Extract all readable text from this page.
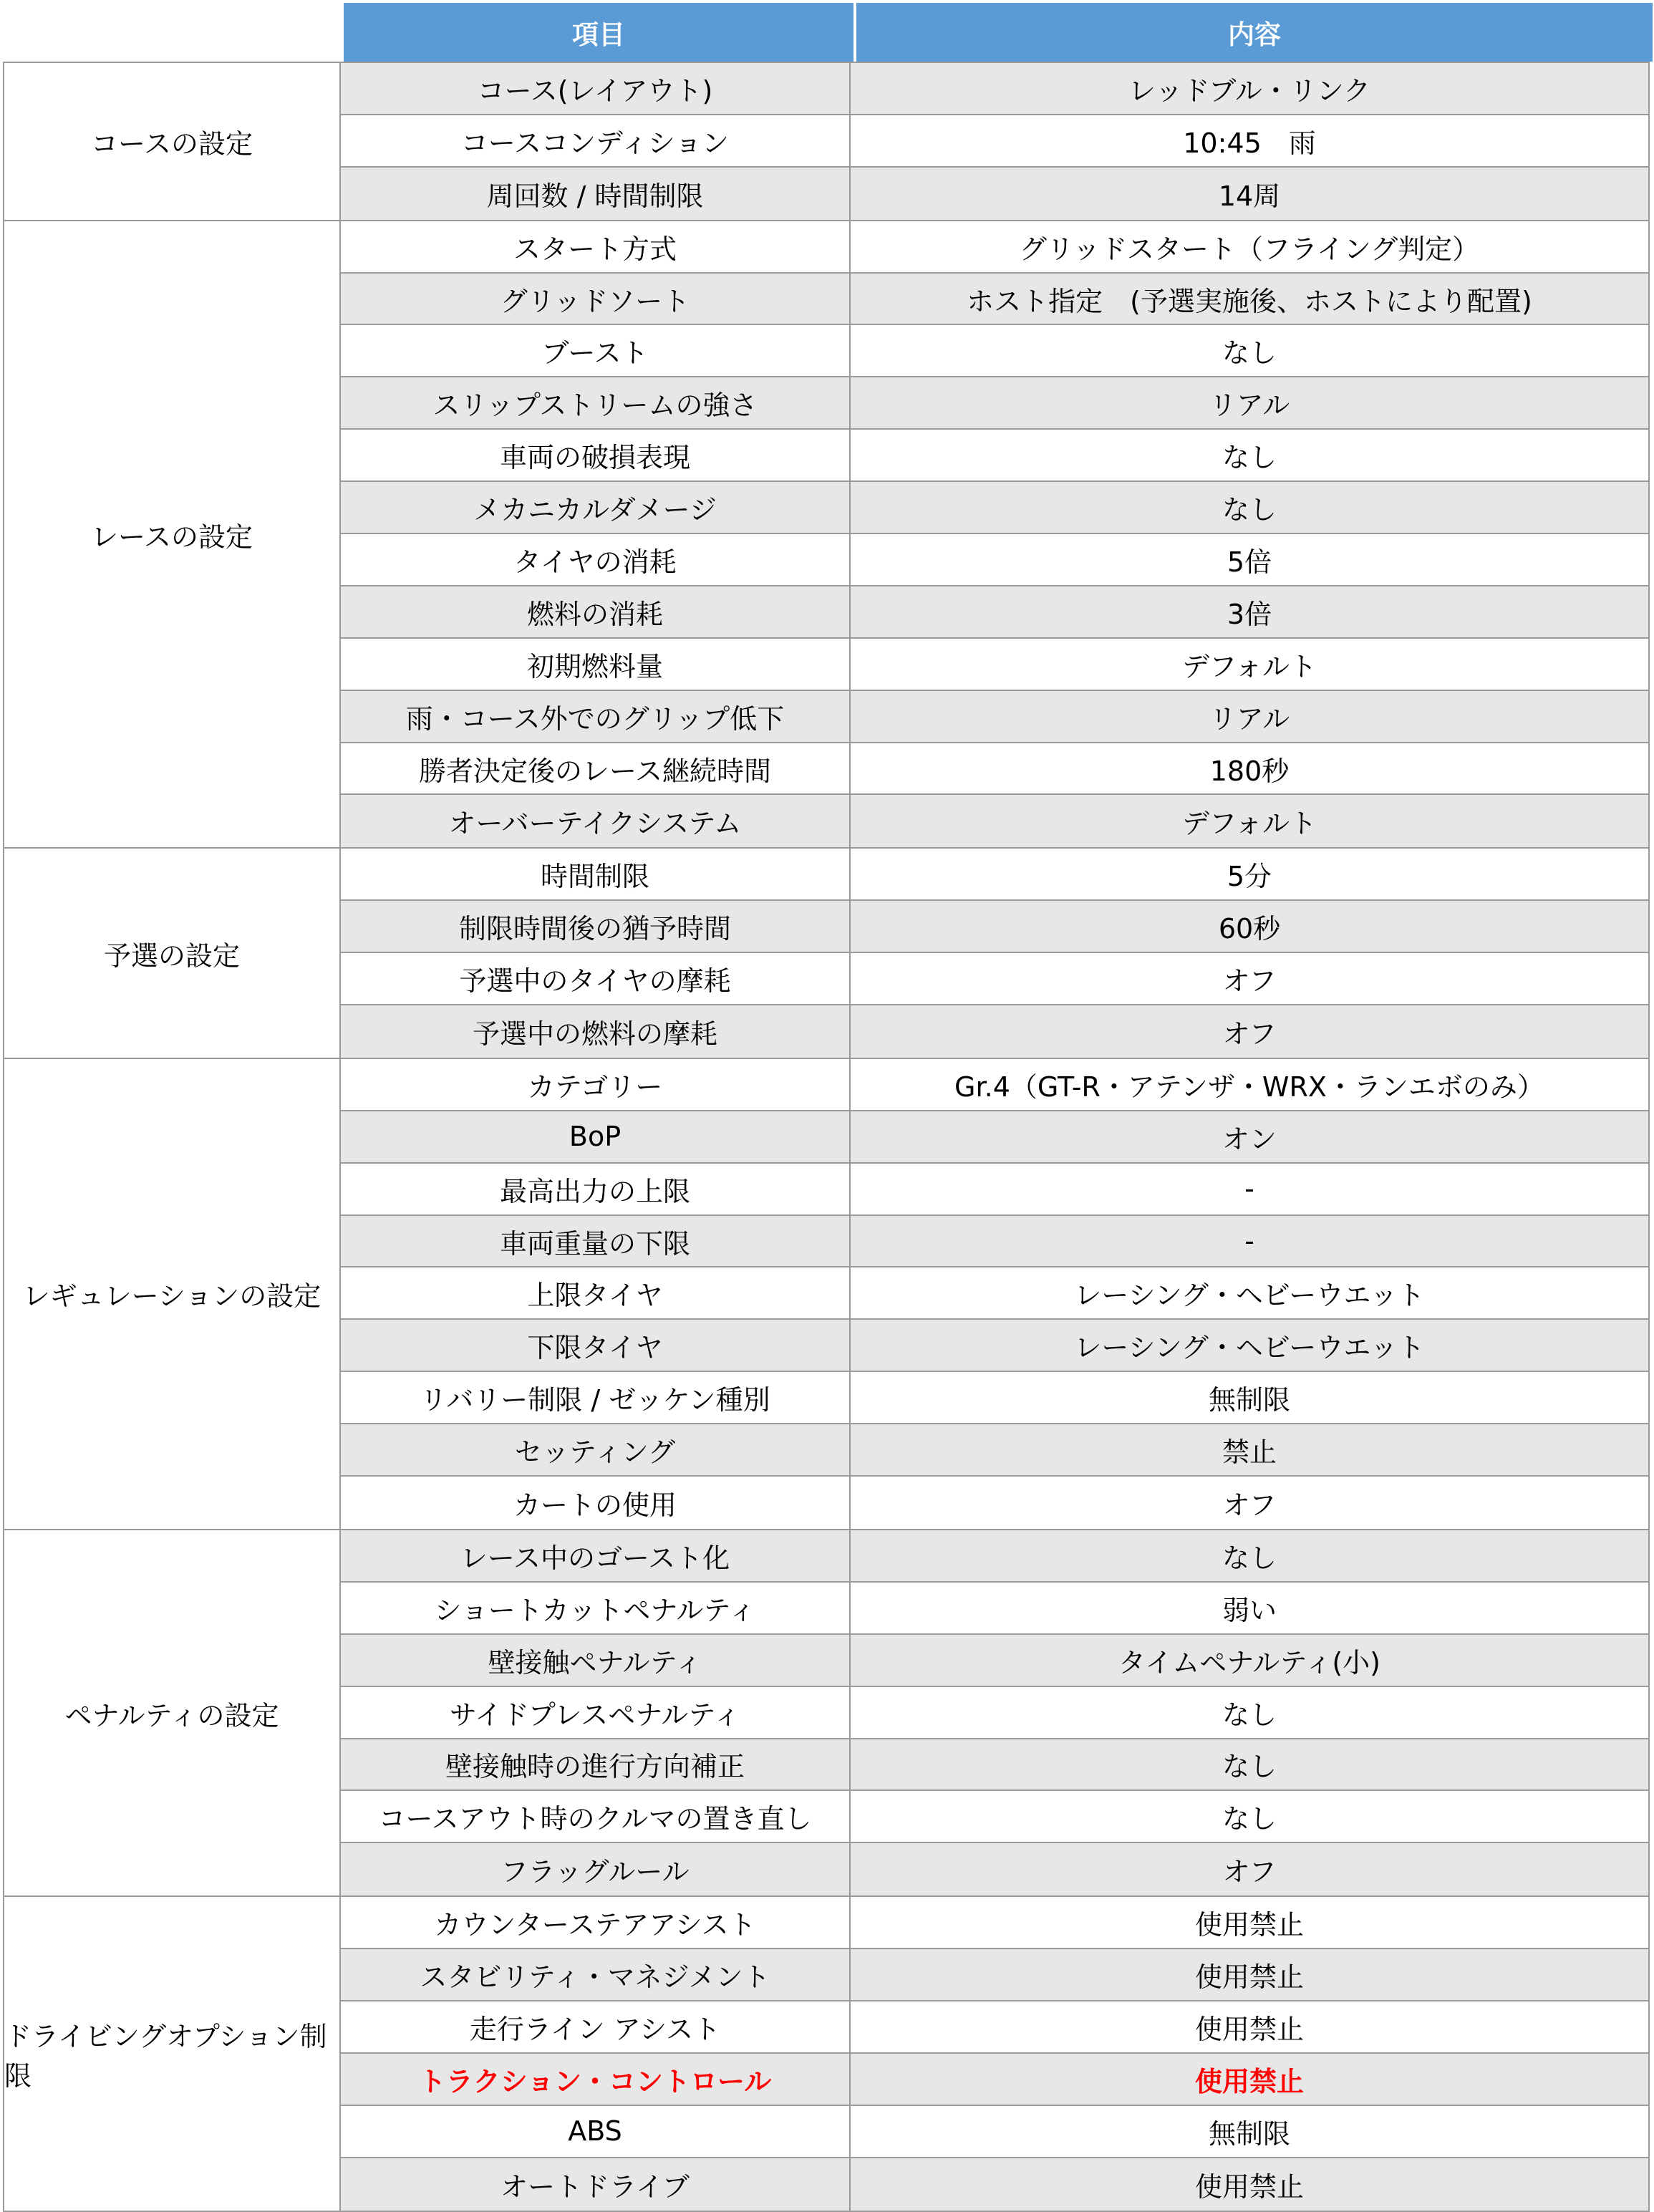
項目	内容
コースの設定
コース(レイアウト)	レッドブル・リンク
コースコンディション	10:45　雨
周回数 / 時間制限	14周
レースの設定
スタート方式	グリッドスタート（フライング判定）
グリッドソート	ホスト指定　(予選実施後、ホストにより配置)
ブースト	なし
スリップストリームの強さ	リアル
車両の破損表現	なし
メカニカルダメージ	なし
タイヤの消耗	5倍
燃料の消耗	3倍
初期燃料量	デフォルト
雨・コース外でのグリップ低下	リアル
勝者決定後のレース継続時間	180秒
オーバーテイクシステム	デフォルト
予選の設定
時間制限	5分
制限時間後の猶予時間	60秒
予選中のタイヤの摩耗	オフ
予選中の燃料の摩耗	オフ
レギュレーションの設定
カテゴリー	Gr.4（GT-R・アテンザ・WRX・ランエボのみ）
BoP	オン
最高出力の上限	-
車両重量の下限	-
上限タイヤ	レーシング・ヘビーウエット
下限タイヤ	レーシング・ヘビーウエット
リバリー制限 / ゼッケン種別	無制限
セッティング	禁止
カートの使用	オフ
ペナルティの設定
レース中のゴースト化	なし
ショートカットペナルティ	弱い
壁接触ペナルティ	タイムペナルティ(小)
サイドプレスペナルティ	なし
壁接触時の進行方向補正	なし
コースアウト時のクルマの置き直し	なし
フラッグルール	オフ
ドライビングオプション制限
カウンターステアアシスト	使用禁止
スタビリティ・マネジメント	使用禁止
走行ライン アシスト	使用禁止
トラクション・コントロール	使用禁止
ABS	無制限
オートドライブ	使用禁止
